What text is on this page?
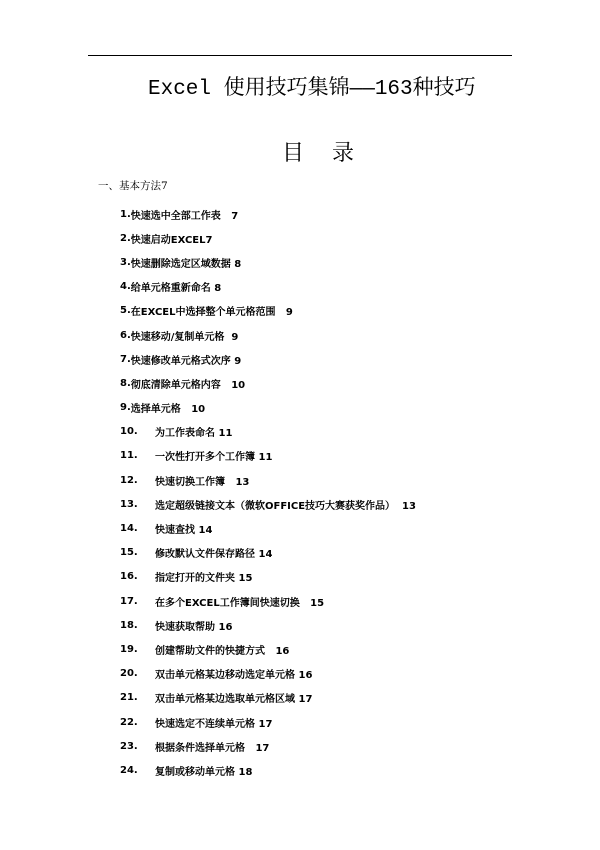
Excel 使用技巧集锦——163种技巧
目    录
一、基本方法7
1. 快速选中全部工作表   7
2. 快速启动EXCEL7
3. 快速删除选定区域数据 8
4. 给单元格重新命名 8
5. 在EXCEL中选择整个单元格范围   9
6. 快速移动/复制单元格  9
7. 快速修改单元格式次序 9
8. 彻底清除单元格内容   10
9. 选择单元格   10
10.	为工作表命名 11
11.	一次性打开多个工作簿 11
12.	快速切换工作簿   13
13.	选定超级链接文本（微软OFFICE技巧大赛获奖作品）  13
14.	快速查找 14
15.	修改默认文件保存路径 14
16.	指定打开的文件夹 15
17.	在多个EXCEL工作簿间快速切换   15
18.	快速获取帮助 16
19.	创建帮助文件的快捷方式   16
20.	双击单元格某边移动选定单元格 16
21.	双击单元格某边选取单元格区域 17
22.	快速选定不连续单元格 17
23.	根据条件选择单元格   17
24.	复制或移动单元格 18
